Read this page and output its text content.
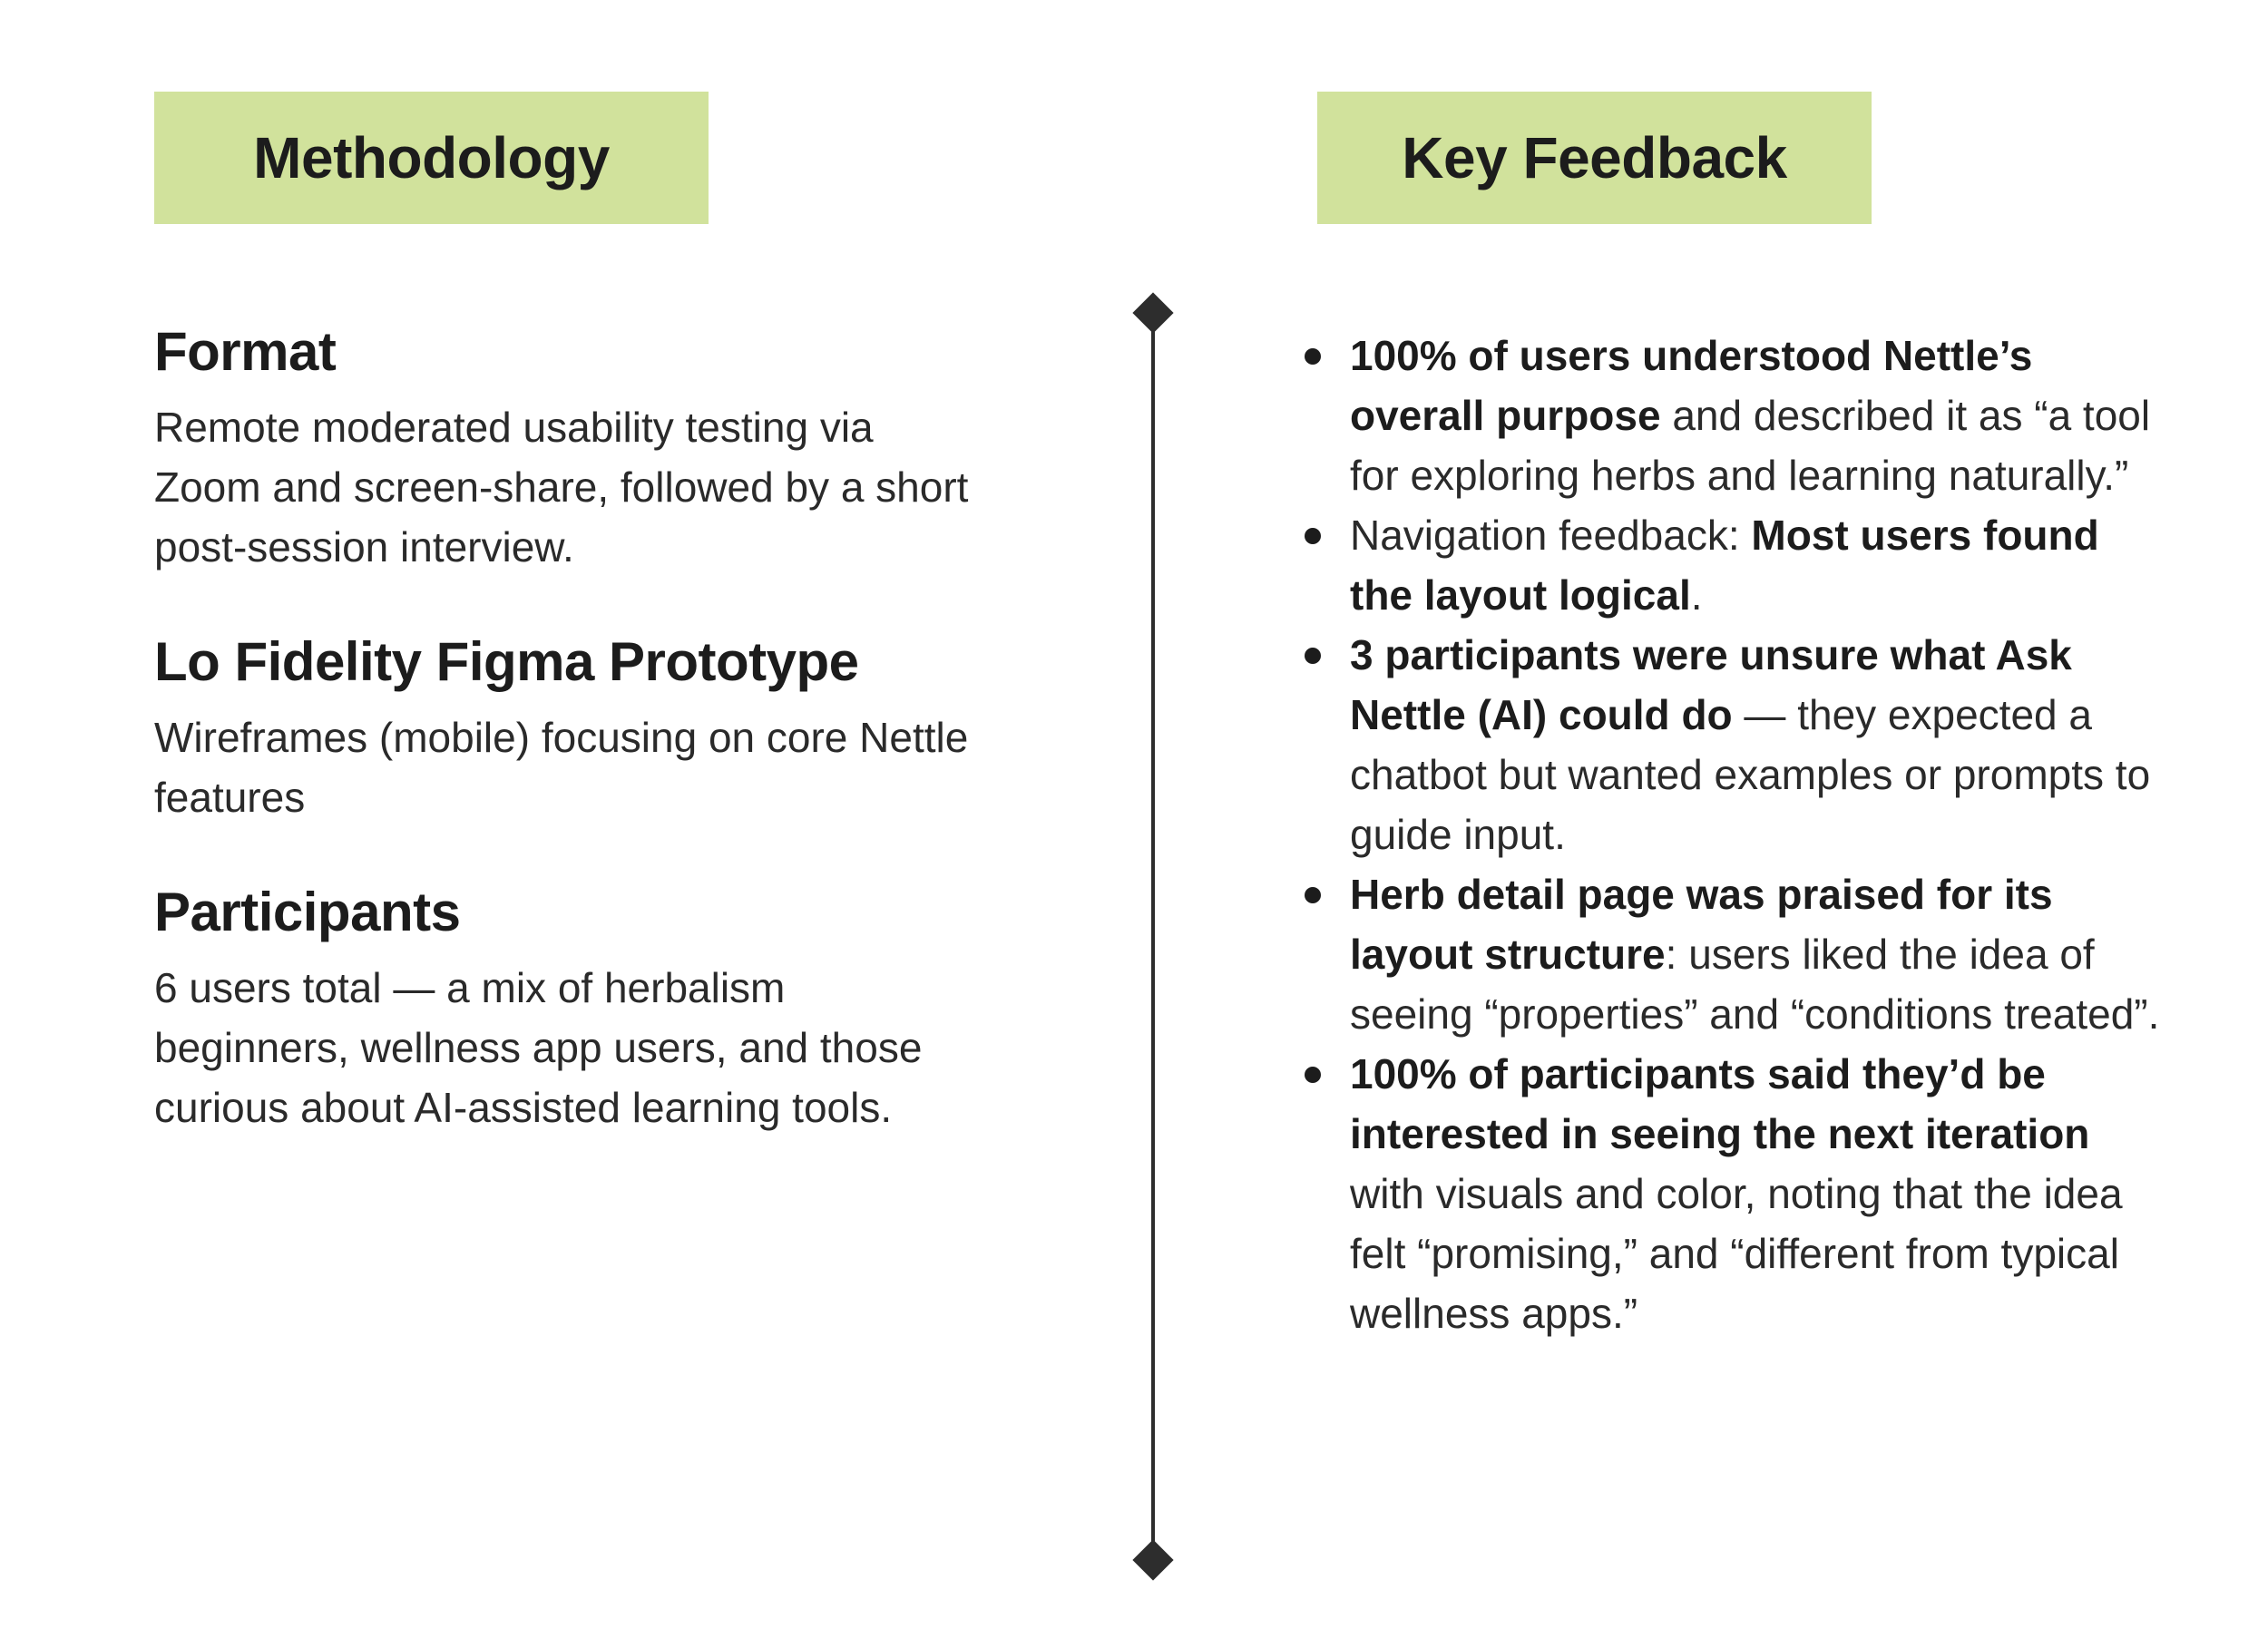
Methodology	Key Feedback
Format

Remote moderated usability testing via Zoom and screen-share, followed by a short post-session interview.

Lo Fidelity Figma Prototype

Wireframes (mobile) focusing on core Nettle features

Participants

6 users total — a mix of herbalism beginners, wellness app users, and those curious about AI-assisted learning tools.

100% of users understood Nettle’s overall purpose and described it as “a tool for exploring herbs and learning naturally.”
Navigation feedback: Most users found the layout logical.
3 participants were unsure what Ask Nettle (AI) could do — they expected a chatbot but wanted examples or prompts to guide input.
Herb detail page was praised for its layout structure: users liked the idea of seeing “properties” and “conditions treated”.
100% of participants said they’d be interested in seeing the next iteration with visuals and color, noting that the idea felt “promising,” and “different from typical wellness apps.”
